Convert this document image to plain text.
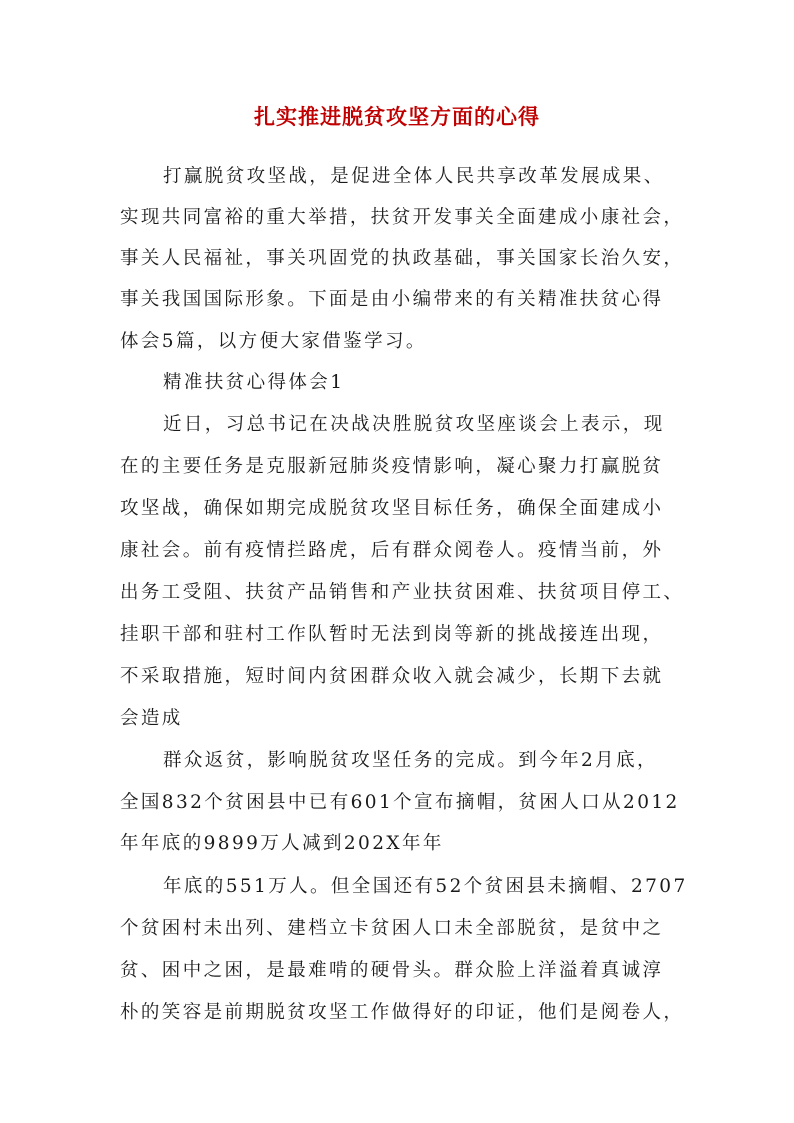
扎实推进脱贫攻坚方面的心得
打赢脱贫攻坚战，是促进全体人民共享改革发展成果、
实现共同富裕的重大举措，扶贫开发事关全面建成小康社会，
事关人民福祉，事关巩固党的执政基础，事关国家长治久安，
事关我国国际形象。下面是由小编带来的有关精准扶贫心得
体会5篇，以方便大家借鉴学习。
精准扶贫心得体会1
近日，习总书记在决战决胜脱贫攻坚座谈会上表示，现
在的主要任务是克服新冠肺炎疫情影响，凝心聚力打赢脱贫
攻坚战，确保如期完成脱贫攻坚目标任务，确保全面建成小
康社会。前有疫情拦路虎，后有群众阅卷人。疫情当前，外
出务工受阻、扶贫产品销售和产业扶贫困难、扶贫项目停工、
挂职干部和驻村工作队暂时无法到岗等新的挑战接连出现，
不采取措施，短时间内贫困群众收入就会减少，长期下去就
会造成
群众返贫，影响脱贫攻坚任务的完成。到今年2月底，
全国832个贫困县中已有601个宣布摘帽，贫困人口从2012
年年底的9899万人减到202X年年
年底的551万人。但全国还有52个贫困县未摘帽、2707
个贫困村未出列、建档立卡贫困人口未全部脱贫，是贫中之
贫、困中之困，是最难啃的硬骨头。群众脸上洋溢着真诚淳
朴的笑容是前期脱贫攻坚工作做得好的印证，他们是阅卷人，
